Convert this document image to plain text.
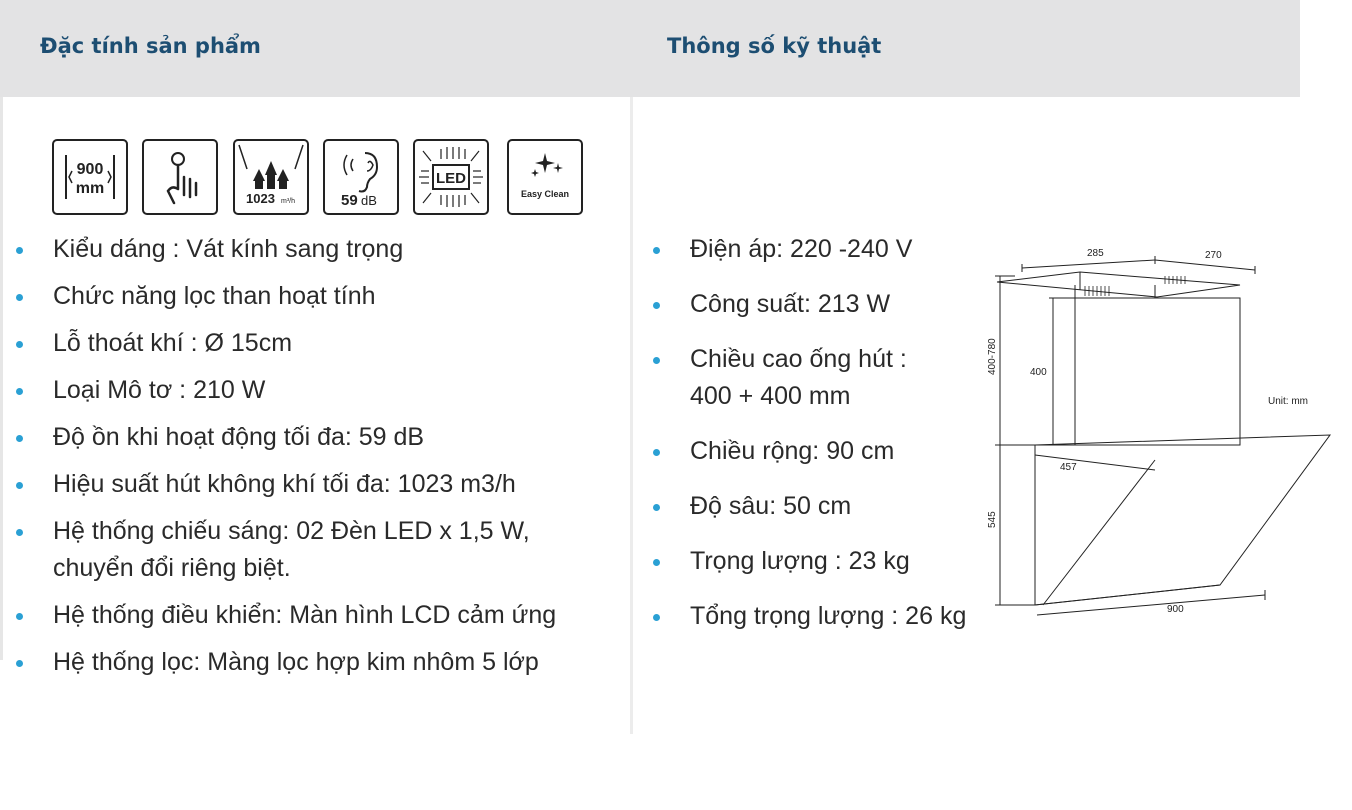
Đặc tính sản phẩm	Thông số kỹ thuật
900
mm
1023 m³/h	59 dB
LED
Easy Clean
Kiểu dáng : Vát kính sang trọng
Chức năng lọc than hoạt tính
Lỗ thoát khí : Ø 15cm
Loại Mô tơ : 210 W
Độ ồn khi hoạt động tối đa: 59 dB
Hiệu suất hút không khí tối đa: 1023 m3/h
Hệ thống chiếu sáng: 02 Đèn LED x 1,5 W, chuyển đổi riêng biệt.
Hệ thống điều khiển: Màn hình LCD cảm ứng
Hệ thống lọc: Màng lọc hợp kim nhôm 5 lớp
Điện áp: 220 -240 V
Công suất: 213 W
Chiều cao ống hút : 400 + 400 mm
Chiều rộng: 90 cm
Độ sâu: 50 cm
Trọng lượng : 23 kg
Tổng trọng lượng : 26 kg
285	270
400-780	400
457
545
900
Unit: mm
